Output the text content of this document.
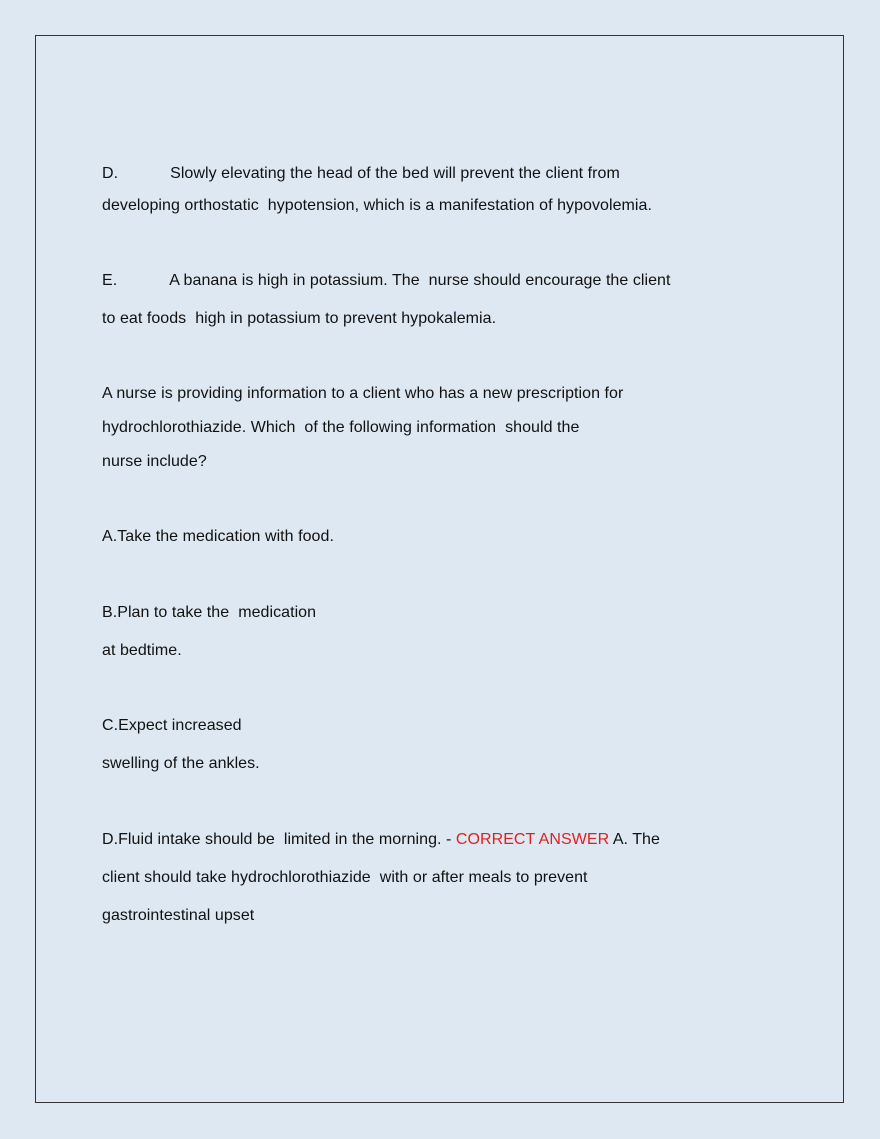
D.	Slowly elevating the head of the bed will prevent the client from
developing orthostatic  hypotension, which is a manifestation of hypovolemia.
E.	A banana is high in potassium. The  nurse should encourage the client
to eat foods  high in potassium to prevent hypokalemia.
A nurse is providing information to a client who has a new prescription for
hydrochlorothiazide. Which  of the following information  should the
nurse include?
A.Take the medication with food.
B.Plan to take the  medication
at bedtime.
C.Expect increased
swelling of the ankles.
D.Fluid intake should be  limited in the morning. - CORRECT ANSWER A. The
client should take hydrochlorothiazide  with or after meals to prevent
gastrointestinal upset
